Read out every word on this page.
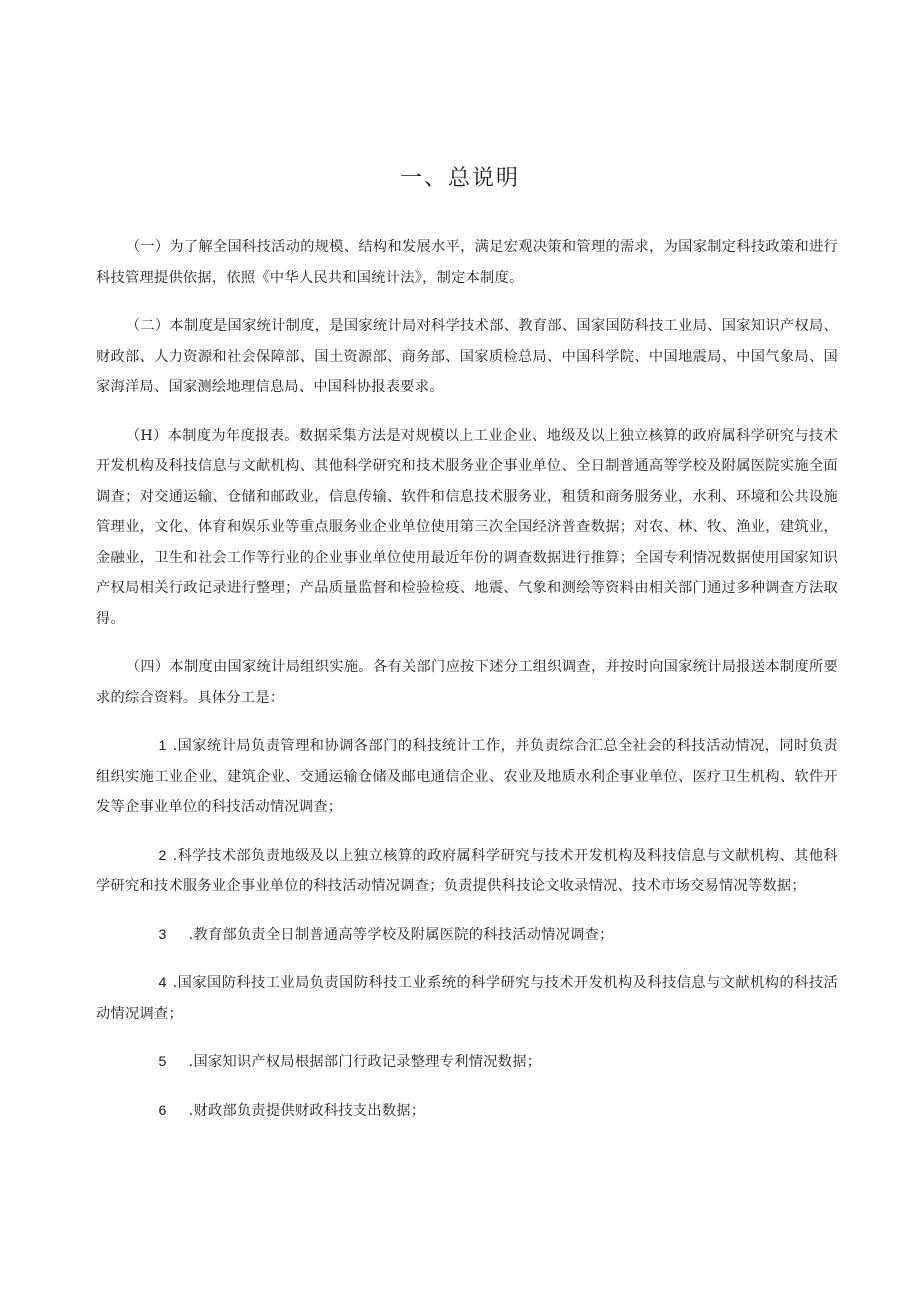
一、总说明

（一）为了解全国科技活动的规模、结构和发展水平，满足宏观决策和管理的需求，为国家制定科技政策和进行科技管理提供依据，依照《中华人民共和国统计法》，制定本制度。

（二）本制度是国家统计制度，是国家统计局对科学技术部、教育部、国家国防科技工业局、国家知识产权局、财政部、人力资源和社会保障部、国土资源部、商务部、国家质检总局、中国科学院、中国地震局、中国气象局、国家海洋局、国家测绘地理信息局、中国科协报表要求。

（H）本制度为年度报表。数据采集方法是对规模以上工业企业、地级及以上独立核算的政府属科学研究与技术开发机构及科技信息与文献机构、其他科学研究和技术服务业企事业单位、全日制普通高等学校及附属医院实施全面调查；对交通运输、仓储和邮政业，信息传输、软件和信息技术服务业，租赁和商务服务业，水利、环境和公共设施管理业，文化、体育和娱乐业等重点服务业企业单位使用第三次全国经济普查数据；对农、林、牧、渔业，建筑业，金融业，卫生和社会工作等行业的企业事业单位使用最近年份的调查数据进行推算；全国专利情况数据使用国家知识产权局相关行政记录进行整理；产品质量监督和检验检疫、地震、气象和测绘等资料由相关部门通过多种调查方法取得。

（四）本制度由国家统计局组织实施。各有关部门应按下述分工组织调查，并按时向国家统计局报送本制度所要求的综合资料。具体分工是：

1 .国家统计局负责管理和协调各部门的科技统计工作，并负责综合汇总全社会的科技活动情况，同时负责组织实施工业企业、建筑企业、交通运输仓储及邮电通信企业、农业及地质水利企事业单位、医疗卫生机构、软件开发等企事业单位的科技活动情况调查；

2 .科学技术部负责地级及以上独立核算的政府属科学研究与技术开发机构及科技信息与文献机构、其他科学研究和技术服务业企事业单位的科技活动情况调查；负责提供科技论文收录情况、技术市场交易情况等数据；

3 .教育部负责全日制普通高等学校及附属医院的科技活动情况调查；

4 .国家国防科技工业局负责国防科技工业系统的科学研究与技术开发机构及科技信息与文献机构的科技活动情况调查；

5 .国家知识产权局根据部门行政记录整理专利情况数据；

6 .财政部负责提供财政科技支出数据；
